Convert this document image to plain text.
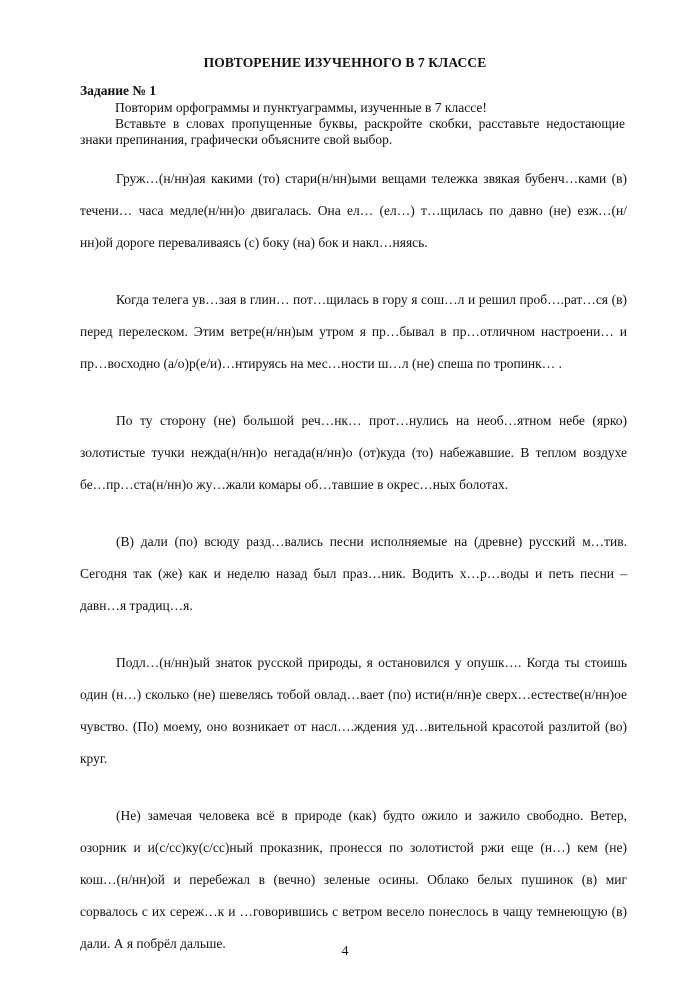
ПОВТОРЕНИЕ ИЗУЧЕННОГО В 7 КЛАССЕ
Задание № 1

Повторим орфограммы и пунктуаграммы, изученные в 7 классе!

Вставьте в словах пропущенные буквы, раскройте скобки, расставьте недостающие знаки препинания, графически объясните свой выбор.

Груж…(н/нн)ая какими (то) стари(н/нн)ыми вещами тележка звякая бубенч…ками (в) течени… часа медле(н/нн)о двигалась. Она ел… (ел…) т…щилась по давно (не) езж…(н/нн)ой дороге переваливаясь (с) боку (на) бок и накл…няясь.

Когда телега ув…зая в глин… пот…щилась в гору я сош…л и решил проб….рат…ся (в) перед перелеском. Этим ветре(н/нн)ым утром я пр…бывал в пр…отличном настроени… и пр…восходно (а/о)р(е/и)…нтируясь на мес…ности ш…л (не) спеша по тропинк… .

По ту сторону (не) большой реч…нк… прот…нулись на необ…ятном небе (ярко) золотистые тучки нежда(н/нн)о негада(н/нн)о (от)куда (то) набежавшие. В теплом воздухе бе…пр…ста(н/нн)о жу…жали комары об…тавшие в окрес…ных болотах.

(В) дали (по) всюду разд…вались песни исполняемые на (древне) русский м…тив. Сегодня так (же) как и неделю назад был праз…ник. Водить х…р…воды и петь песни – давн…я традиц…я.

Подл…(н/нн)ый знаток русской природы, я остановился у опушк…. Когда ты стоишь один (н…) сколько (не) шевелясь тобой овлад…вает (по) исти(н/нн)е сверх…естестве(н/нн)ое чувство. (По) моему, оно возникает от насл….ждения уд…вительной красотой разлитой (во) круг.

(Не) замечая человека всё в природе (как) будто ожило и зажило свободно. Ветер, озорник и и(с/сс)ку(с/сс)ный проказник, пронесся по золотистой ржи еще (н…) кем (не) кош…(н/нн)ой и перебежал в (вечно) зеленые осины. Облако белых пушинок (в) миг сорвалось с их сереж…к и …говорившись с ветром весело понеслось в чащу темнеющую (в) дали. А я побрёл дальше.

4
